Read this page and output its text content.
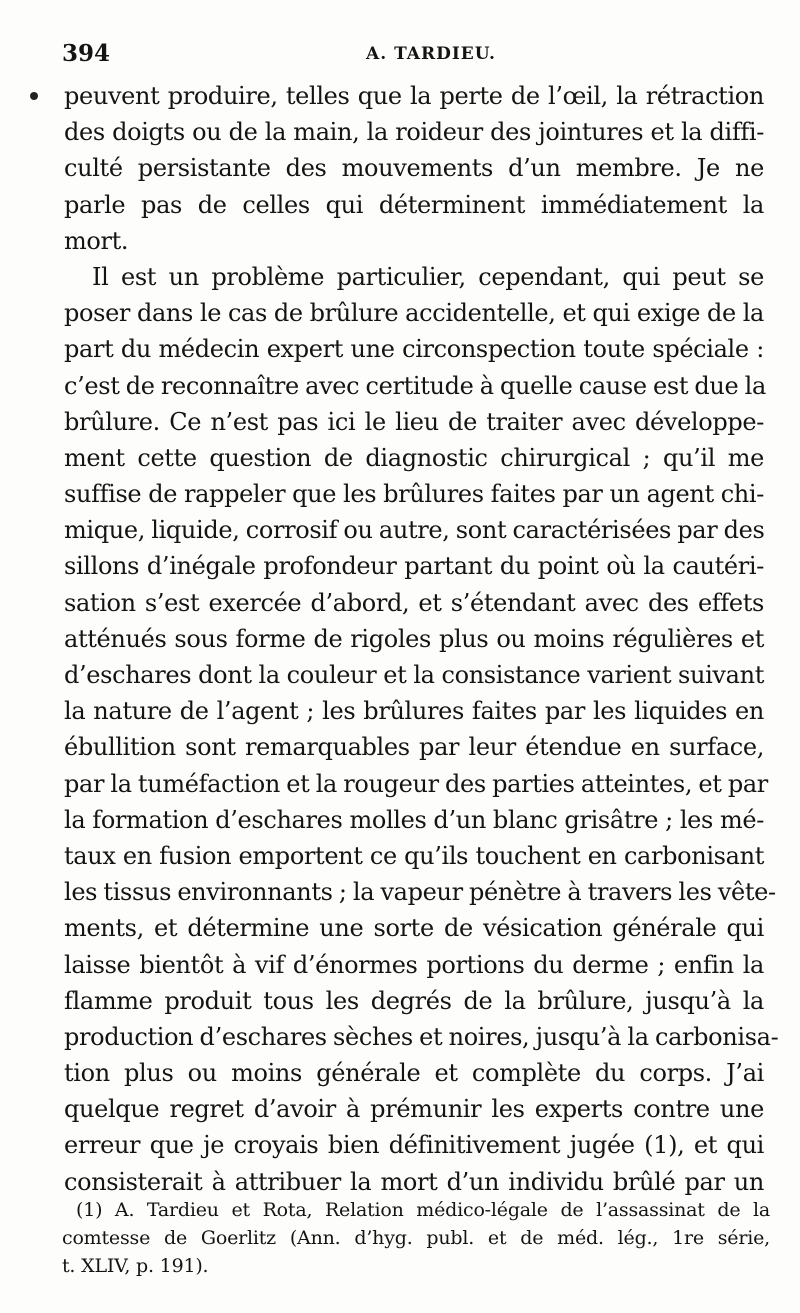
394	A. TARDIEU.
peuvent produire, telles que la perte de l’œil, la rétraction
des doigts ou de la main, la roideur des jointures et la diffi-
culté persistante des mouvements d’un membre. Je ne
parle pas de celles qui déterminent immédiatement la
mort.
Il est un problème particulier, cependant, qui peut se
poser dans le cas de brûlure accidentelle, et qui exige de la
part du médecin expert une circonspection toute spéciale :
c’est de reconnaître avec certitude à quelle cause est due la
brûlure. Ce n’est pas ici le lieu de traiter avec développe-
ment cette question de diagnostic chirurgical ; qu’il me
suffise de rappeler que les brûlures faites par un agent chi-
mique, liquide, corrosif ou autre, sont caractérisées par des
sillons d’inégale profondeur partant du point où la cautéri-
sation s’est exercée d’abord, et s’étendant avec des effets
atténués sous forme de rigoles plus ou moins régulières et
d’eschares dont la couleur et la consistance varient suivant
la nature de l’agent ; les brûlures faites par les liquides en
ébullition sont remarquables par leur étendue en surface,
par la tuméfaction et la rougeur des parties atteintes, et par
la formation d’eschares molles d’un blanc grisâtre ; les mé-
taux en fusion emportent ce qu’ils touchent en carbonisant
les tissus environnants ; la vapeur pénètre à travers les vête-
ments, et détermine une sorte de vésication générale qui
laisse bientôt à vif d’énormes portions du derme ; enfin la
flamme produit tous les degrés de la brûlure, jusqu’à la
production d’eschares sèches et noires, jusqu’à la carbonisa-
tion plus ou moins générale et complète du corps. J’ai
quelque regret d’avoir à prémunir les experts contre une
erreur que je croyais bien définitivement jugée (1), et qui
consisterait à attribuer la mort d’un individu brûlé par un
(1) A. Tardieu et Rota, Relation médico-légale de l’assassinat de la
comtesse de Goerlitz (Ann. d’hyg. publ. et de méd. lég., 1re série,
t. XLIV, p. 191).
